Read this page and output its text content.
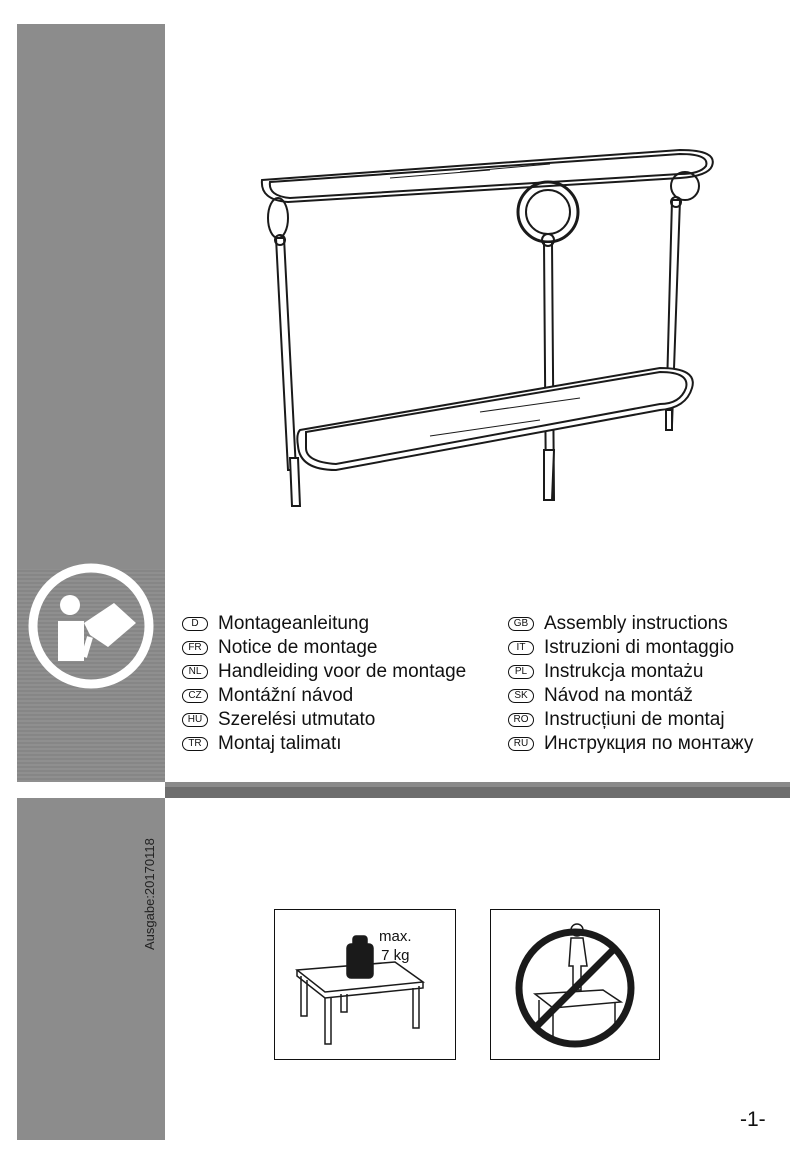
D	Montageanleitung
FR Notice de montage
NL Handleiding voor de montage
CZ Montážní návod
HU Szerelési utmutato
TR Montaj talimatı
GB Assembly instructions
IT Istruzioni di montaggio
PL Instrukcja montażu
SK Návod na montáž
RO Instrucțiuni de montaj
RU Инструкция по монтажу
Ausgabe:20170118	max.
7 kg
-1-
